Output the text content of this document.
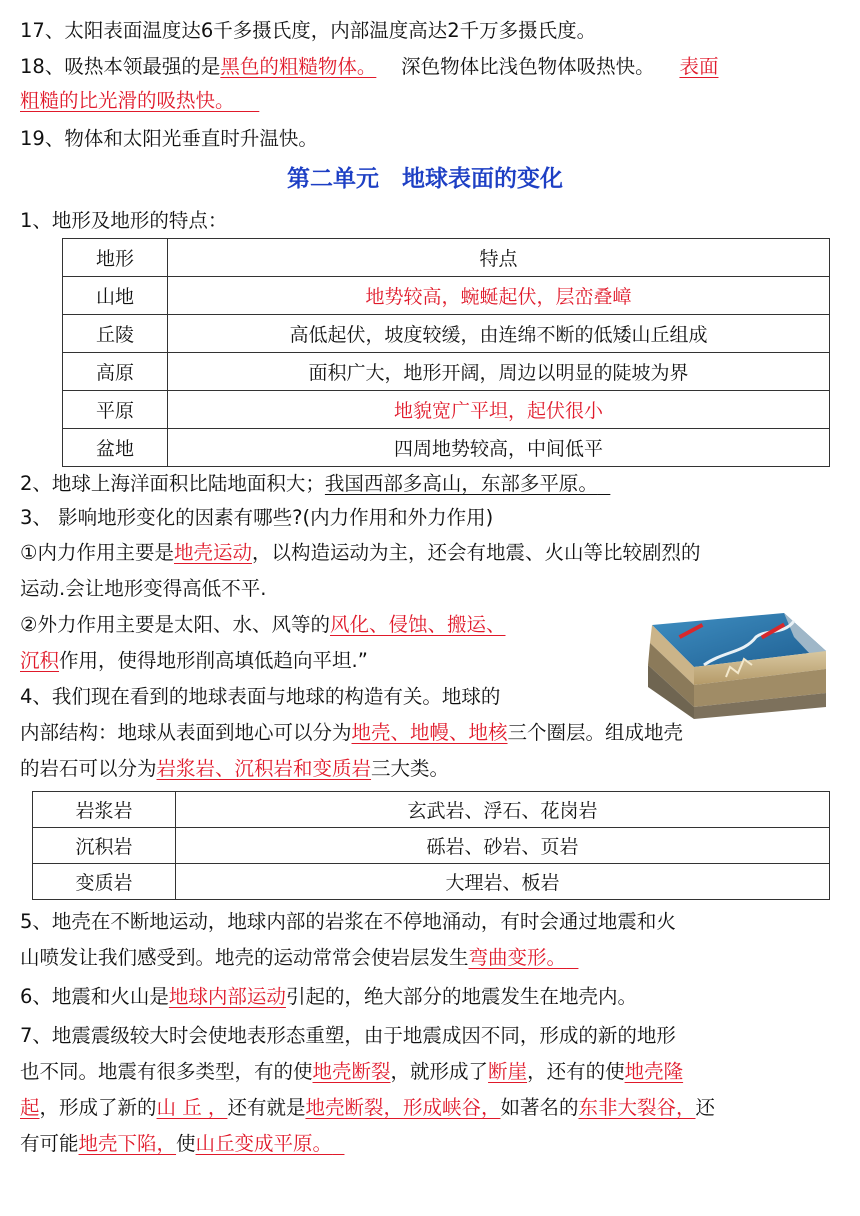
17、太阳表面温度达6千多摄氏度，内部温度高达2千万多摄氏度。
18、吸热本领最强的是黑色的粗糙物体。 深色物体比浅色物体吸热快。 表面
粗糙的比光滑的吸热快。
19、物体和太阳光垂直时升温快。
第二单元　地球表面的变化
1、地形及地形的特点：
地形	特点
山地	地势较高，蜿蜒起伏，层峦叠嶂
丘陵	高低起伏，坡度较缓，由连绵不断的低矮山丘组成
高原	面积广大，地形开阔，周边以明显的陡坡为界
平原	地貌宽广平坦，起伏很小
盆地	四周地势较高，中间低平
2、地球上海洋面积比陆地面积大；我国西部多高山，东部多平原。
3、 影响地形变化的因素有哪些?(内力作用和外力作用)
①内力作用主要是地壳运动，以构造运动为主，还会有地震、火山等比较剧烈的
运动.会让地形变得高低不平.
②外力作用主要是太阳、水、风等的风化、侵蚀、搬运、
沉积作用，使得地形削高填低趋向平坦.”
4、我们现在看到的地球表面与地球的构造有关。地球的
内部结构：地球从表面到地心可以分为地壳、地幔、地核三个圈层。组成地壳
的岩石可以分为岩浆岩、沉积岩和变质岩三大类。
岩浆岩	玄武岩、浮石、花岗岩
沉积岩	砾岩、砂岩、页岩
变质岩	大理岩、板岩
5、地壳在不断地运动，地球内部的岩浆在不停地涌动，有时会通过地震和火
山喷发让我们感受到。地壳的运动常常会使岩层发生弯曲变形。
6、地震和火山是地球内部运动引起的，绝大部分的地震发生在地壳内。
7、地震震级较大时会使地表形态重塑，由于地震成因不同，形成的新的地形
也不同。地震有很多类型，有的使地壳断裂，就形成了断崖，还有的使地壳隆
起，形成了新的山 丘 ，还有就是地壳断裂，形成峡谷，如著名的东非大裂谷，还
有可能地壳下陷，使山丘变成平原。
